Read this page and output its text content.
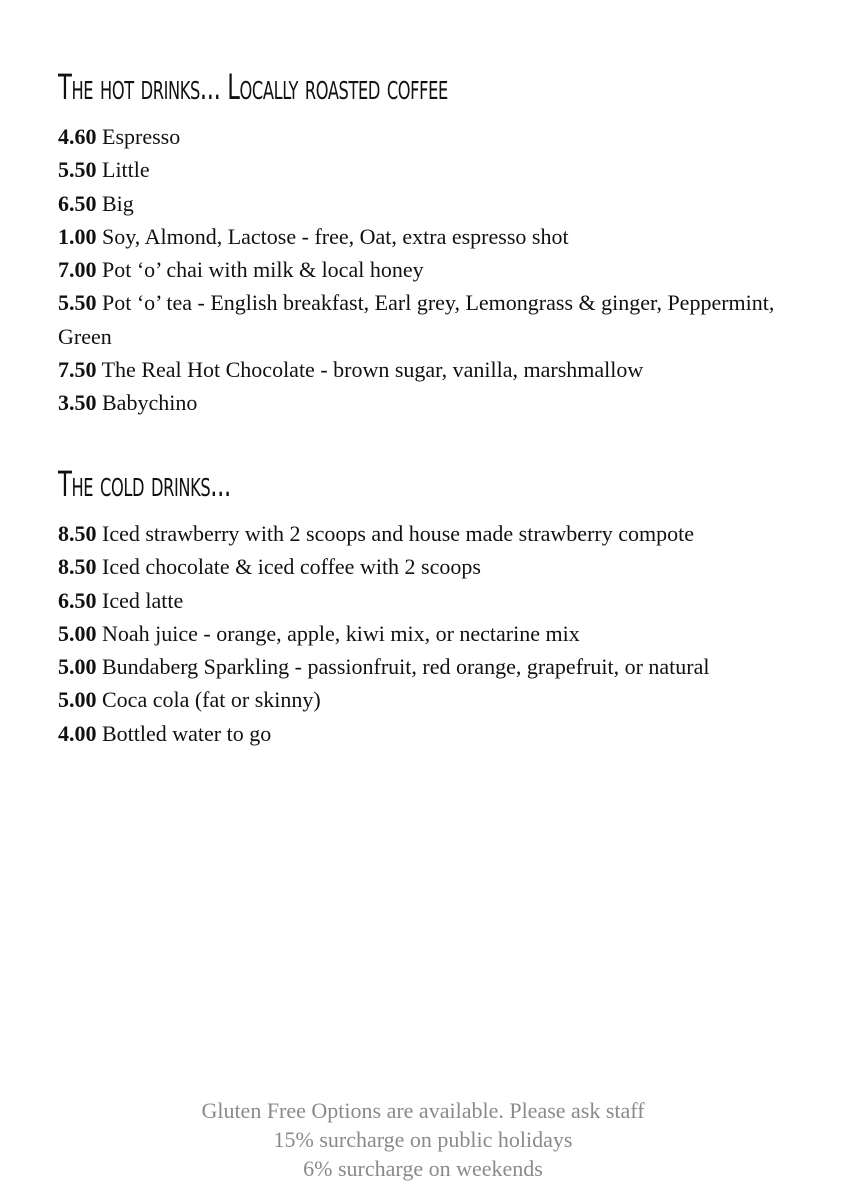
The hot drinks... Locally roasted coffee
4.60 Espresso
5.50 Little
6.50 Big
1.00 Soy, Almond, Lactose - free, Oat, extra espresso shot
7.00 Pot ‘o’ chai with milk & local honey
5.50 Pot ‘o’ tea - English breakfast, Earl grey, Lemongrass & ginger, Peppermint, Green
7.50 The Real Hot Chocolate - brown sugar, vanilla, marshmallow
3.50 Babychino
The cold drinks...
8.50 Iced strawberry with 2 scoops and house made strawberry compote
8.50 Iced chocolate & iced coffee with 2 scoops
6.50 Iced latte
5.00 Noah juice - orange, apple, kiwi mix, or nectarine mix
5.00 Bundaberg Sparkling - passionfruit, red orange, grapefruit, or natural
5.00 Coca cola (fat or skinny)
4.00 Bottled water to go
Gluten Free Options are available. Please ask staff
15% surcharge on public holidays
6% surcharge on weekends
